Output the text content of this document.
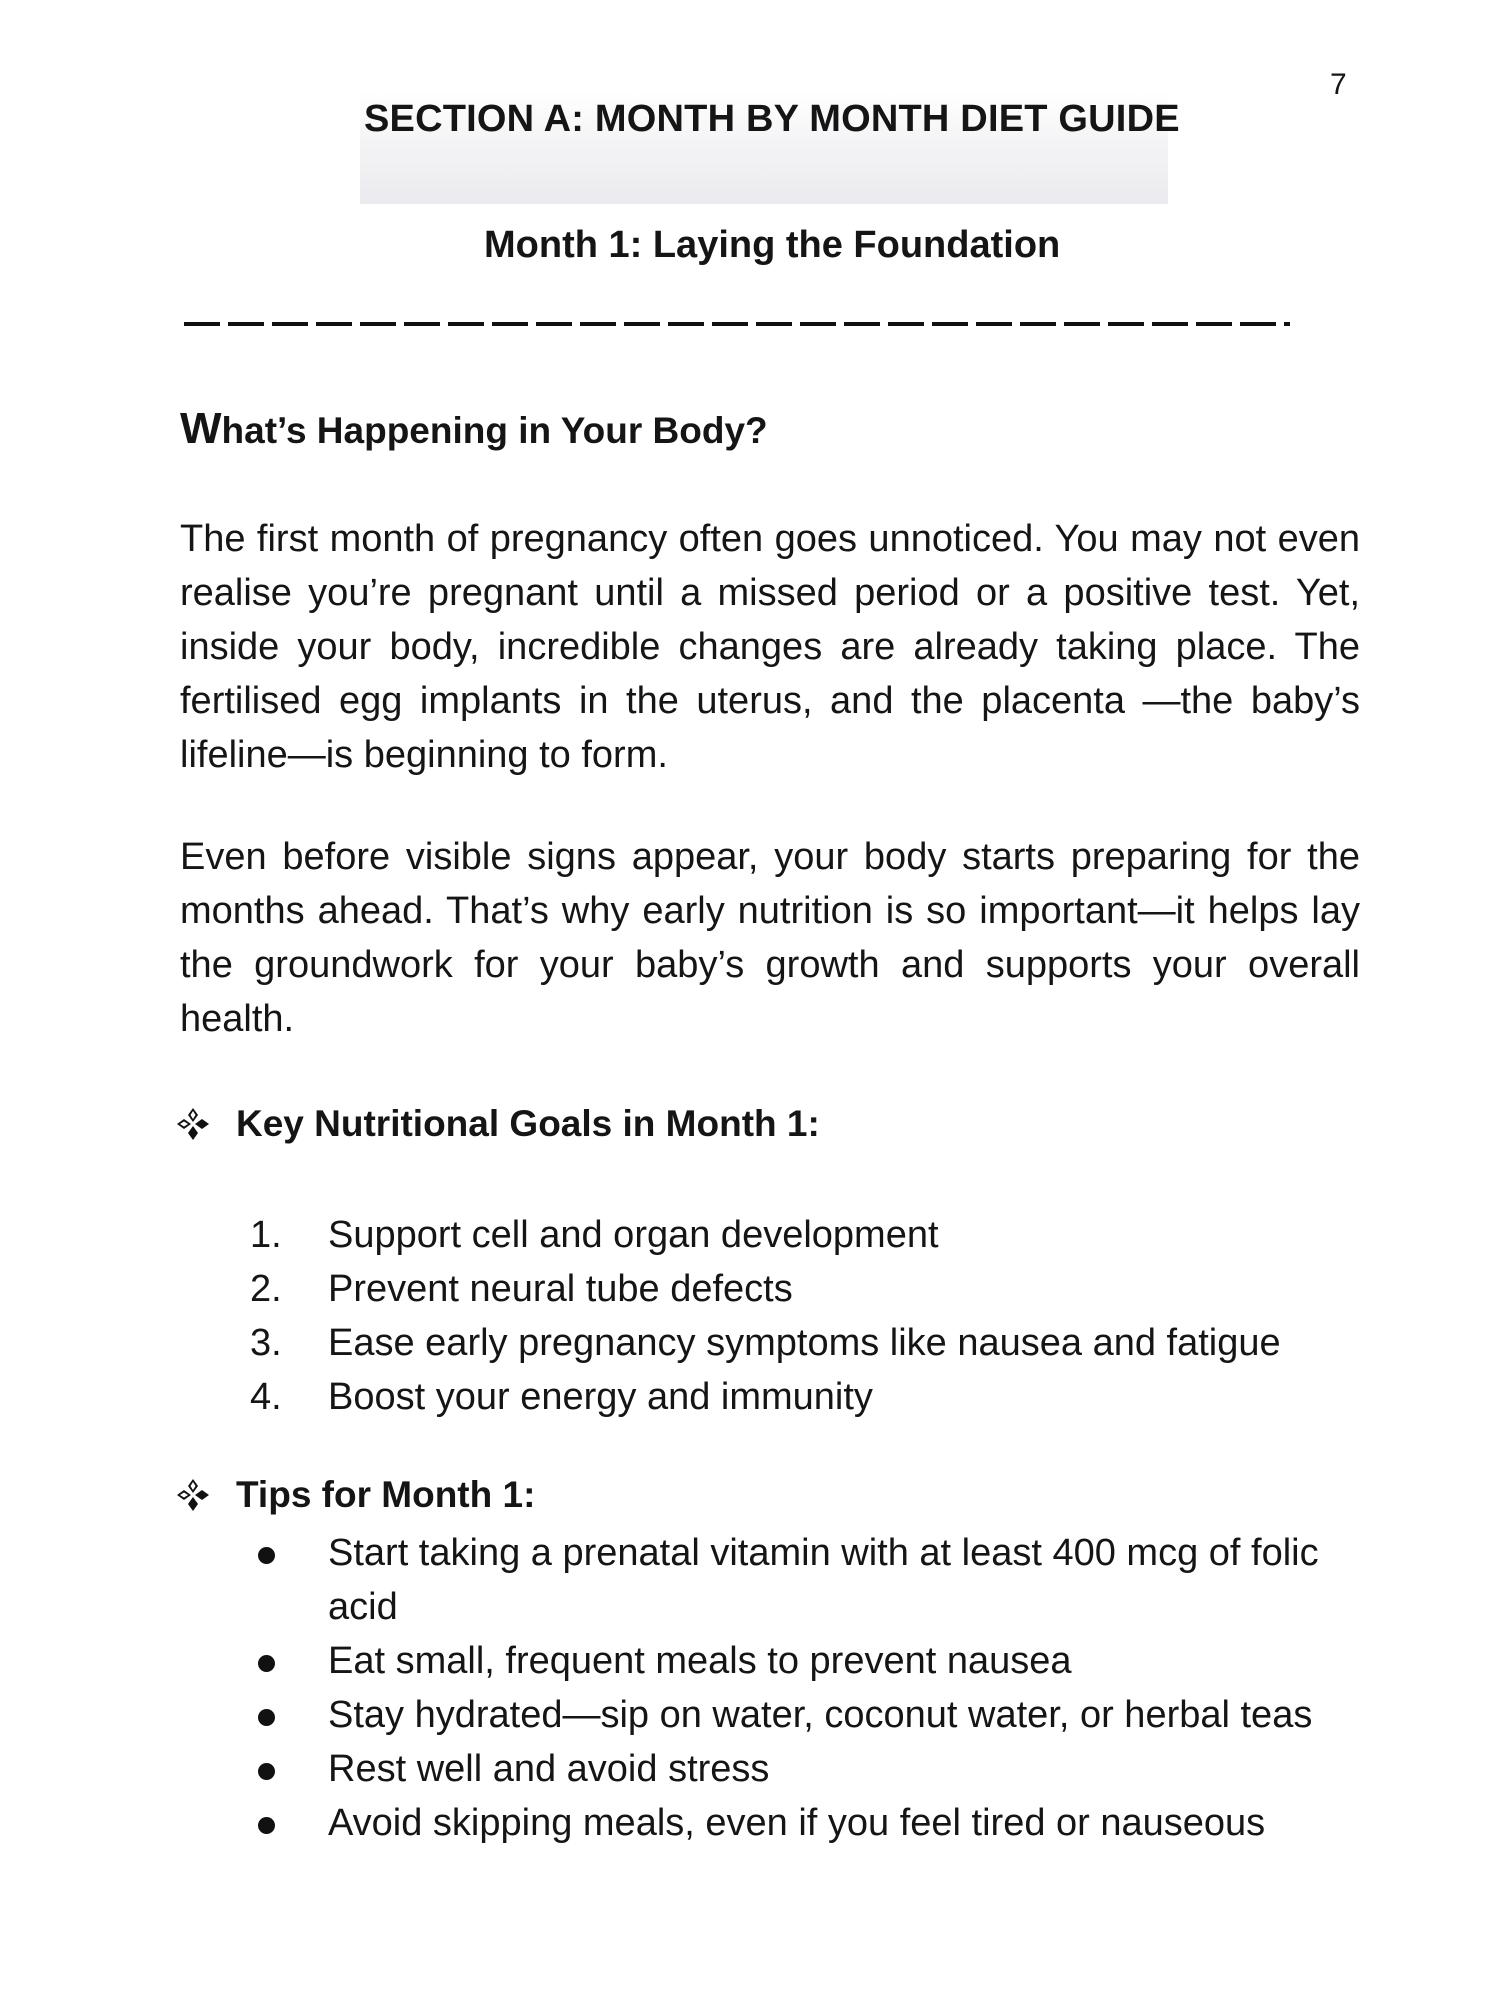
7
SECTION A: MONTH BY MONTH DIET GUIDE
Month 1: Laying the Foundation
What’s Happening in Your Body?

The first month of pregnancy often goes unnoticed. You may not even realise you’re pregnant until a missed period or a positive test. Yet, inside your body, incredible changes are already taking place. The fertilised egg implants in the uterus, and the placenta —the baby’s lifeline—is beginning to form.

Even before visible signs appear, your body starts preparing for the months ahead. That’s why early nutrition is so important—it helps lay the groundwork for your baby’s growth and supports your overall health.

Key Nutritional Goals in Month 1:
1.	Support cell and organ development
2.	Prevent neural tube defects
3.	Ease early pregnancy symptoms like nausea and fatigue
4.	Boost your energy and immunity
Tips for Month 1:
Start taking a prenatal vitamin with at least 400 mcg of folic acid
Eat small, frequent meals to prevent nausea
Stay hydrated—sip on water, coconut water, or herbal teas
Rest well and avoid stress
Avoid skipping meals, even if you feel tired or nauseous
